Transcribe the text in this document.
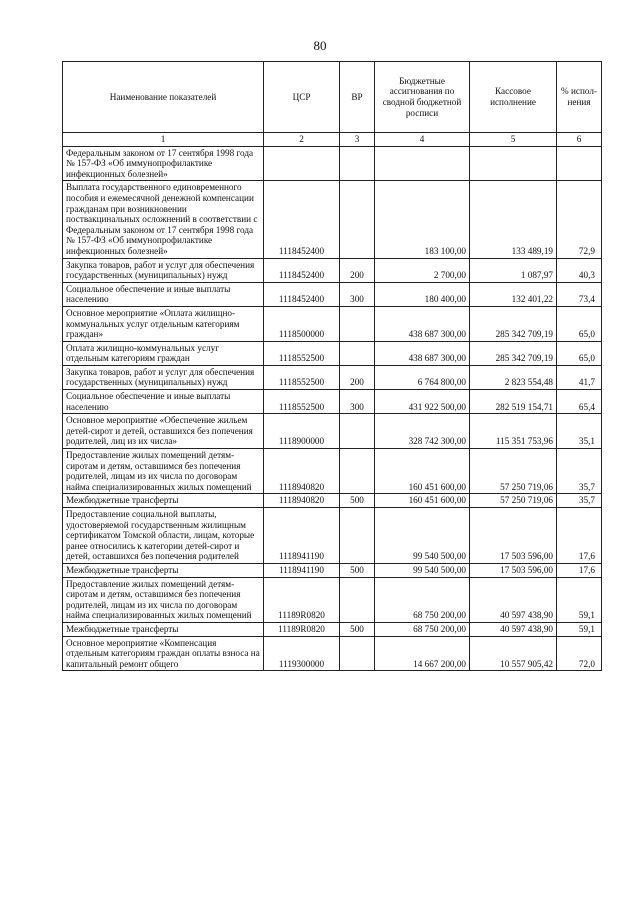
80
Наименование показателей	ЦСР	ВР	Бюджетные ассигнования по сводной бюджетной росписи	Кассовое исполнение	% испол-нения
1	2	3	4	5	6
Федеральным законом от 17 сентября 1998 года № 157-ФЗ «Об иммунопрофилактике инфекционных болезней»					
Выплата государственного единовременного пособия и ежемесячной денежной компенсации гражданам при возникновении поствакцинальных осложнений в соответствии с Федеральным законом от 17 сентября 1998 года № 157-ФЗ «Об иммунопрофилактике инфекционных болезней»	1118452400		183 100,00	133 489,19	72,9
Закупка товаров, работ и услуг для обеспечения государственных (муниципальных) нужд	1118452400	200	2 700,00	1 087,97	40,3
Социальное обеспечение и иные выплаты населению	1118452400	300	180 400,00	132 401,22	73,4
Основное мероприятие «Оплата жилищно-коммунальных услуг отдельным категориям граждан»	1118500000		438 687 300,00	285 342 709,19	65,0
Оплата жилищно-коммунальных услуг отдельным категориям граждан	1118552500		438 687 300,00	285 342 709,19	65,0
Закупка товаров, работ и услуг для обеспечения государственных (муниципальных) нужд	1118552500	200	6 764 800,00	2 823 554,48	41,7
Социальное обеспечение и иные выплаты населению	1118552500	300	431 922 500,00	282 519 154,71	65,4
Основное мероприятие «Обеспечение жильем детей-сирот и детей, оставшихся без попечения родителей, лиц из их числа»	1118900000		328 742 300,00	115 351 753,96	35,1
Предоставление жилых помещений детям-сиротам и детям, оставшимся без попечения родителей, лицам из их числа по договорам найма специализированных жилых помещений	1118940820		160 451 600,00	57 250 719,06	35,7
Межбюджетные трансферты	1118940820	500	160 451 600,00	57 250 719,06	35,7
Предоставление социальной выплаты, удостоверяемой государственным жилищным сертификатом Томской области, лицам, которые ранее относились к категории детей-сирот и детей, оставшихся без попечения родителей	1118941190		99 540 500,00	17 503 596,00	17,6
Межбюджетные трансферты	1118941190	500	99 540 500,00	17 503 596,00	17,6
Предоставление жилых помещений детям-сиротам и детям, оставшимся без попечения родителей, лицам из их числа по договорам найма специализированных жилых помещений	11189R0820		68 750 200,00	40 597 438,90	59,1
Межбюджетные трансферты	11189R0820	500	68 750 200,00	40 597 438,90	59,1
Основное мероприятие «Компенсация отдельным категориям граждан оплаты взноса на капитальный ремонт общего	1119300000		14 667 200,00	10 557 905,42	72,0
